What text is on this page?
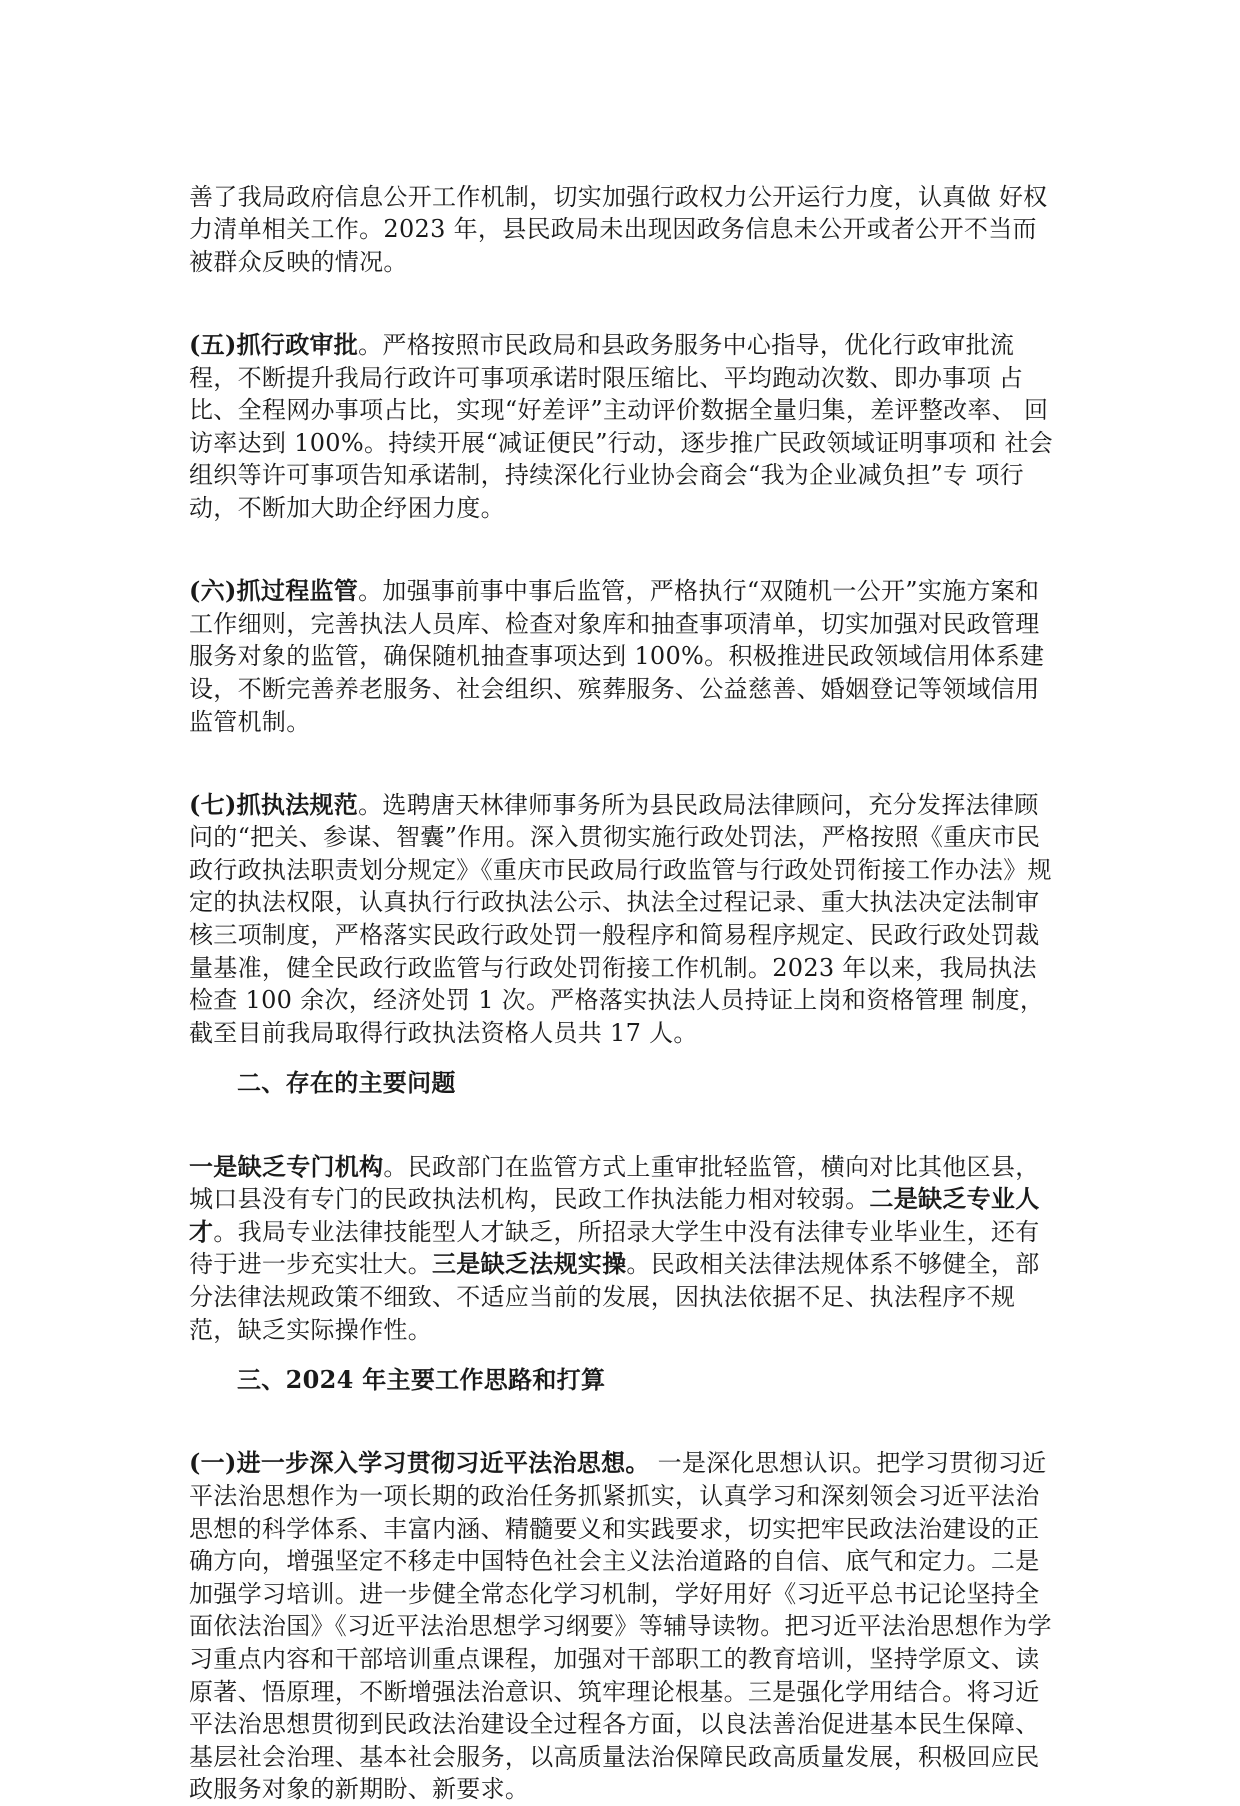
善了我局政府信息公开工作机制，切实加强行政权力公开运行力度，认真做 好权 力清单相关工作。2023 年，县民政局未出现因政务信息未公开或者公开不当而 被群众反映的情况。

(五)抓行政审批。严格按照市民政局和县政务服务中心指导，优化行政审批流程，不断提升我局行政许可事项承诺时限压缩比、平均跑动次数、即办事项 占比、全程网办事项占比，实现“好差评”主动评价数据全量归集，差评整改率、 回访率达到 100%。持续开展“减证便民”行动，逐步推广民政领域证明事项和 社会组织等许可事项告知承诺制，持续深化行业协会商会“我为企业减负担”专 项行动，不断加大助企纾困力度。

(六)抓过程监管。加强事前事中事后监管，严格执行“双随机一公开”实施方案和工作细则，完善执法人员库、检查对象库和抽查事项清单，切实加强对民政管理服务对象的监管，确保随机抽查事项达到 100%。积极推进民政领域信用体系建设，不断完善养老服务、社会组织、殡葬服务、公益慈善、婚姻登记等领域信用监管机制。

(七)抓执法规范。选聘唐天林律师事务所为县民政局法律顾问，充分发挥法律顾问的“把关、参谋、智囊”作用。深入贯彻实施行政处罚法，严格按照《重庆市民政行政执法职责划分规定》《重庆市民政局行政监管与行政处罚衔接工作办法》规定的执法权限，认真执行行政执法公示、执法全过程记录、重大执法决定法制审核三项制度，严格落实民政行政处罚一般程序和简易程序规定、民政行政处罚裁量基准，健全民政行政监管与行政处罚衔接工作机制。2023 年以来，我局执法检查 100 余次，经济处罚 1 次。严格落实执法人员持证上岗和资格管理 制度，截至目前我局取得行政执法资格人员共 17 人。

二、存在的主要问题

一是缺乏专门机构。民政部门在监管方式上重审批轻监管，横向对比其他区县，城口县没有专门的民政执法机构，民政工作执法能力相对较弱。二是缺乏专业人才。我局专业法律技能型人才缺乏，所招录大学生中没有法律专业毕业生，还有待于进一步充实壮大。三是缺乏法规实操。民政相关法律法规体系不够健全，部分法律法规政策不细致、不适应当前的发展，因执法依据不足、执法程序不规范，缺乏实际操作性。

三、2024 年主要工作思路和打算

(一)进一步深入学习贯彻习近平法治思想。 一是深化思想认识。把学习贯彻习近平法治思想作为一项长期的政治任务抓紧抓实，认真学习和深刻领会习近平法治思想的科学体系、丰富内涵、精髓要义和实践要求，切实把牢民政法治建设的正确方向，增强坚定不移走中国特色社会主义法治道路的自信、底气和定力。二是加强学习培训。进一步健全常态化学习机制，学好用好《习近平总书记论坚持全面依法治国》《习近平法治思想学习纲要》等辅导读物。把习近平法治思想作为学习重点内容和干部培训重点课程，加强对干部职工的教育培训，坚持学原文、读原著、悟原理，不断增强法治意识、筑牢理论根基。三是强化学用结合。将习近平法治思想贯彻到民政法治建设全过程各方面，以良法善治促进基本民生保障、基层社会治理、基本社会服务，以高质量法治保障民政高质量发展，积极回应民政服务对象的新期盼、新要求。
